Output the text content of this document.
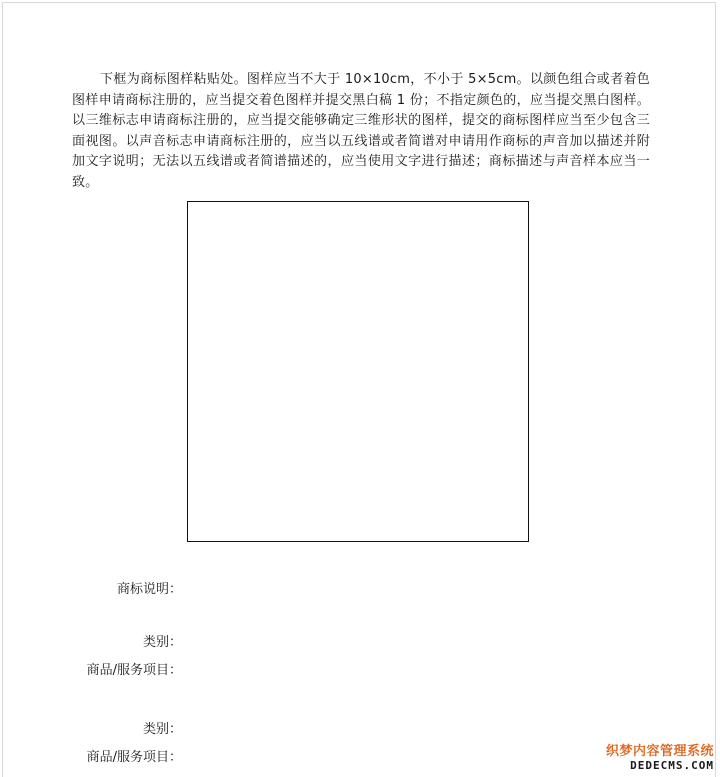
下框为商标图样粘贴处。图样应当不大于 10×10cm，不小于 5×5cm。以颜色组合或者着色图样申请商标注册的，应当提交着色图样并提交黑白稿 1 份；不指定颜色的，应当提交黑白图样。以三维标志申请商标注册的，应当提交能够确定三维形状的图样，提交的商标图样应当至少包含三面视图。以声音标志申请商标注册的，应当以五线谱或者简谱对申请用作商标的声音加以描述并附加文字说明；无法以五线谱或者简谱描述的，应当使用文字进行描述；商标描述与声音样本应当一致。

商标说明：
类别：
商品/服务项目：
类别：
商品/服务项目：	织梦内容管理系统
DEDECMS.COM
